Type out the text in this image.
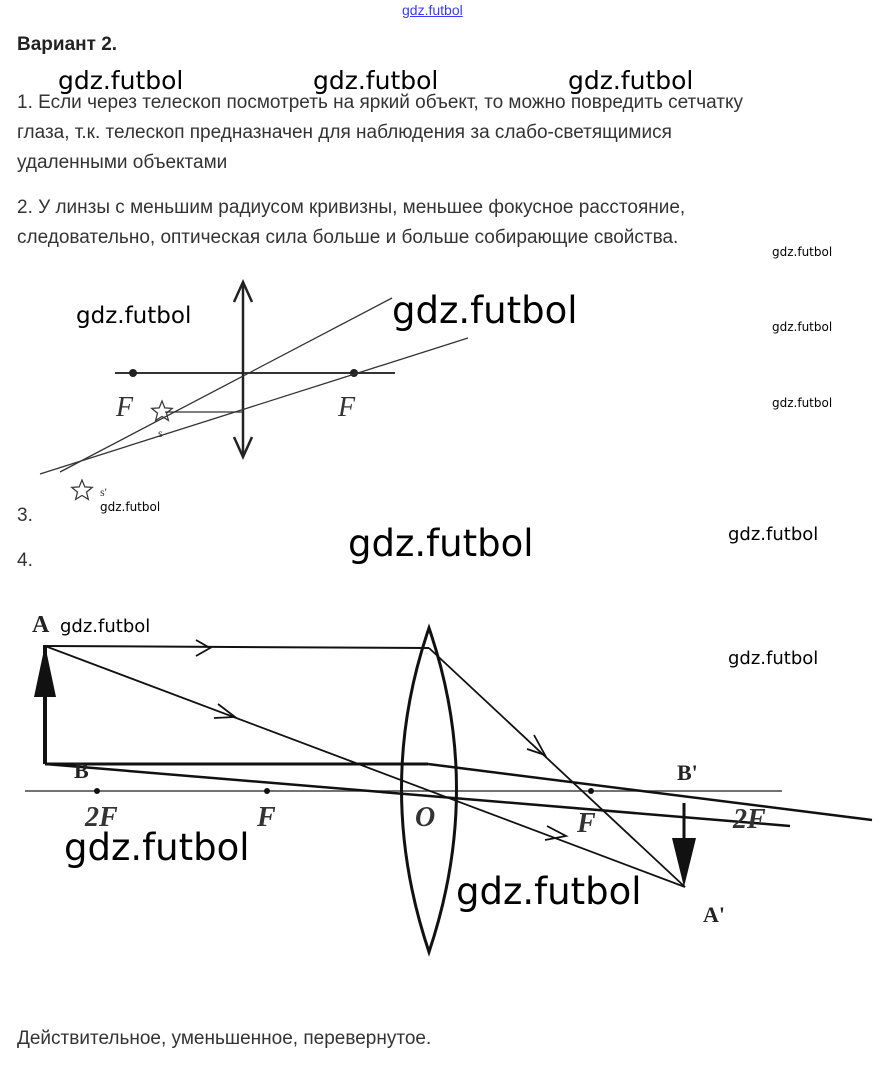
gdz.futbol
Вариант 2.
1. Если через телескоп посмотреть на яркий объект, то можно повредить сетчатку
глаза, т.к. телескоп предназначен для наблюдения за слабо-светящимися
удаленными объектами
2. У линзы с меньшим радиусом кривизны, меньшее фокусное расстояние,
следовательно, оптическая сила больше и больше собирающие свойства.
F	F
s
s'
3.
4.
A
B	B'
A'
2F	F	O	F	2F
Действительное, уменьшенное, перевернутое.
gdz.futbol	gdz.futbol	gdz.futbol
gdz.futbol
gdz.futbol	gdz.futbol	gdz.futbol
gdz.futbol
gdz.futbol
gdz.futbol	gdz.futbol
gdz.futbol
gdz.futbol
gdz.futbol
gdz.futbol
